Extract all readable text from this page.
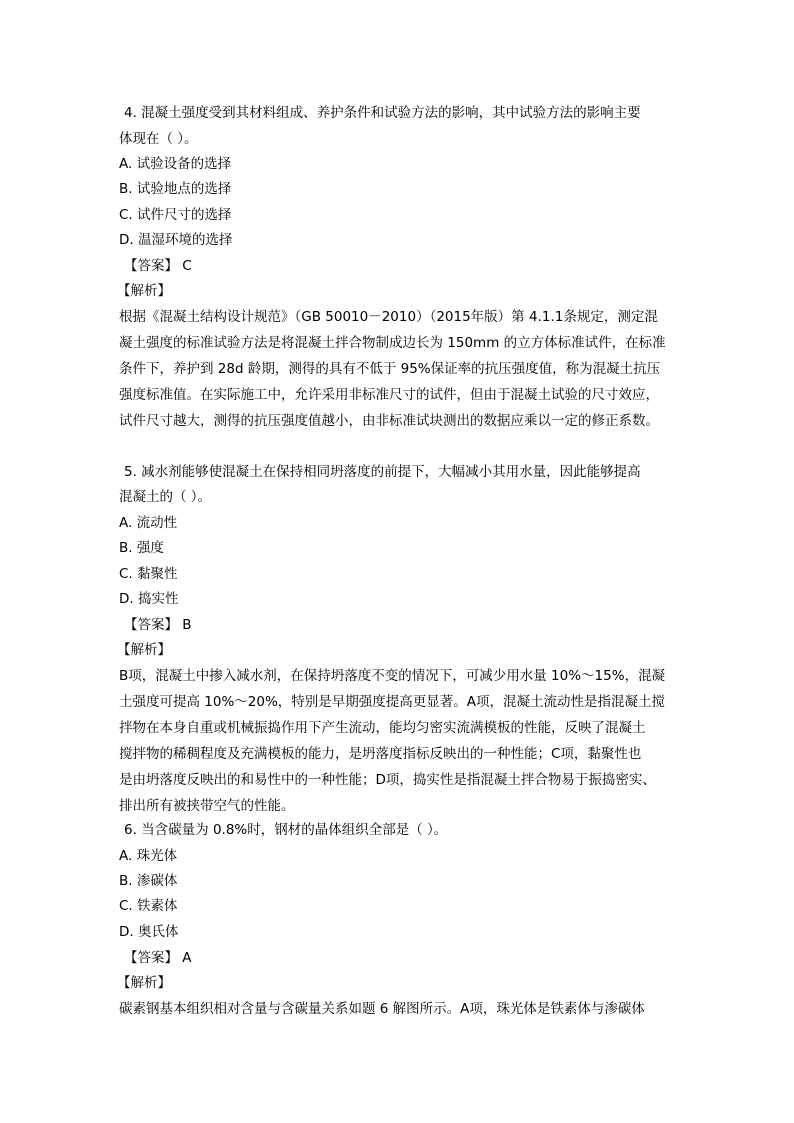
4. 混凝土强度受到其材料组成、养护条件和试验方法的影响，其中试验方法的影响主要
体现在（ ）。
A. 试验设备的选择
B. 试验地点的选择
C. 试件尺寸的选择
D. 温湿环境的选择
【答案】 C
【解析】
根据《混凝土结构设计规范》（GB 50010－2010）（2015年版）第 4.1.1条规定，测定混
凝土强度的标准试验方法是将混凝土拌合物制成边长为 150mm 的立方体标准试件，在标准
条件下，养护到 28d 龄期，测得的具有不低于 95%保证率的抗压强度值，称为混凝土抗压
强度标准值。在实际施工中，允许采用非标准尺寸的试件，但由于混凝土试验的尺寸效应，
试件尺寸越大，测得的抗压强度值越小，由非标准试块测出的数据应乘以一定的修正系数。
5. 减水剂能够使混凝土在保持相同坍落度的前提下，大幅减小其用水量，因此能够提高
混凝土的（ ）。
A. 流动性
B. 强度
C. 黏聚性
D. 捣实性
【答案】 B
【解析】
B项，混凝土中掺入减水剂，在保持坍落度不变的情况下，可减少用水量 10%～15%，混凝
土强度可提高 10%～20%，特别是早期强度提高更显著。A项，混凝土流动性是指混凝土搅
拌物在本身自重或机械振捣作用下产生流动，能均匀密实流满模板的性能，反映了混凝土
搅拌物的稀稠程度及充满模板的能力，是坍落度指标反映出的一种性能；C项，黏聚性也
是由坍落度反映出的和易性中的一种性能；D项，捣实性是指混凝土拌合物易于振捣密实、
排出所有被挟带空气的性能。
6. 当含碳量为 0.8%时，钢材的晶体组织全部是（ ）。
A. 珠光体
B. 渗碳体
C. 铁素体
D. 奥氏体
【答案】 A
【解析】
碳素钢基本组织相对含量与含碳量关系如题 6 解图所示。A项，珠光体是铁素体与渗碳体
